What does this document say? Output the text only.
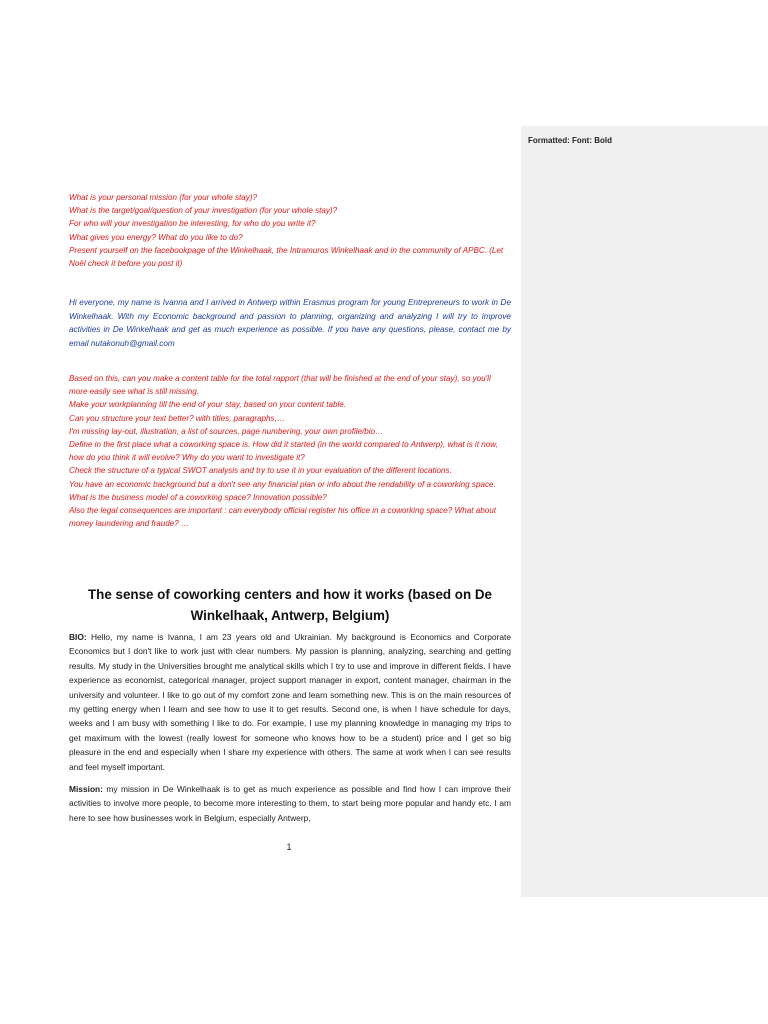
Formatted: Font: Bold
What is your personal mission (for your whole stay)?
What is the target/goal/question of your investigation (for your whole stay)?
For who will your investigation be interesting, for who do you write it?
What gives you energy? What do you like to do?
Present yourself on the facebookpage of the Winkelhaak, the Intramuros Winkelhaak and in the community of APBC. (Let Noël check it before you post it)
Hi everyone, my name is Ivanna and I arrived in Antwerp within Erasmus program for young Entrepreneurs to work in De Winkelhaak. With my Economic background and passion to planning, organizing and analyzing I will try to improve activities in De Winkelhaak and get as much experience as possible. If you have any questions, please, contact me by email nutakonuh@gmail.com
Based on this, can you make a content table for the total rapport (that will be finished at the end of your stay), so you'll more easily see what is still missing.
Make your workplanning till the end of your stay, based on your content table.
Can you structure your text better? with titles, paragraphs,…
I'm missing lay-out, illustration, a list of sources, page numbering, your own profile/bio…
Define in the first place what a coworking space is. How did it started (in the world compared to Antwerp), what is it now, how do you think it will evolve? Why do you want to investigate it?
Check the structure of a typical SWOT analysis and try to use it in your evaluation of the different locations.
You have an economic background but a don't see any financial plan or info about the rendability of a coworking space. What is the business model of a coworking space? Innovation possible?
Also the legal consequences are important : can everybody official register his office in a coworking space? What about money laundering and fraude? …
The sense of coworking centers and how it works (based on De Winkelhaak, Antwerp, Belgium)
BIO: Hello, my name is Ivanna, I am 23 years old and Ukrainian. My background is Economics and Corporate Economics but I don't like to work just with clear numbers. My passion is planning, analyzing, searching and getting results. My study in the Universities brought me analytical skills which I try to use and improve in different fields. I have experience as economist, categorical manager, project support manager in export, content manager, chairman in the university and volunteer. I like to go out of my comfort zone and learn something new. This is on the main resources of my getting energy when I learn and see how to use it to get results. Second one, is when I have schedule for days, weeks and I am busy with something I like to do. For example, I use my planning knowledge in managing my trips to get maximum with the lowest (really lowest for someone who knows how to be a student) price and I get so big pleasure in the end and especially when I share my experience with others. The same at work when I can see results and feel myself important.
Mission: my mission in De Winkelhaak is to get as much experience as possible and find how I can improve their activities to involve more people, to become more interesting to them, to start being more popular and handy etc. I am here to see how businesses work in Belgium, especially Antwerp,
1
